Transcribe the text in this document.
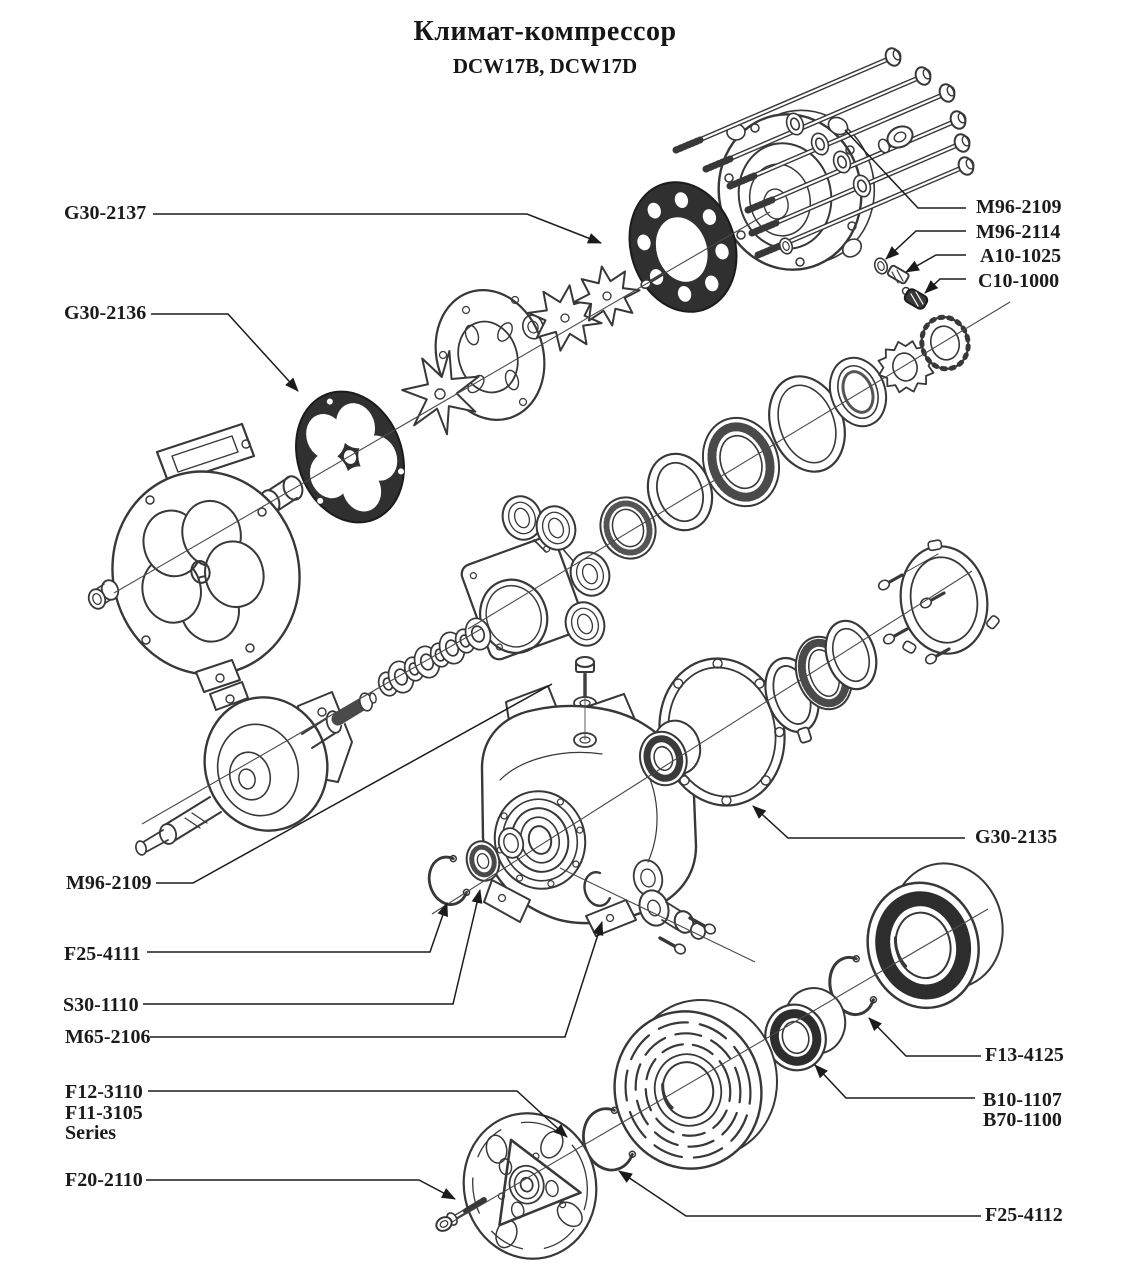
Климат-компрессор
DCW17B, DCW17D
G30-2137
G30-2136
M96-2109
F25-4111
S30-1110
M65-2106
F12-3110
F11-3105
Series
F20-2110
M96-2109
M96-2114
A10-1025
C10-1000
G30-2135
F13-4125
B10-1107
B70-1100
F25-4112
